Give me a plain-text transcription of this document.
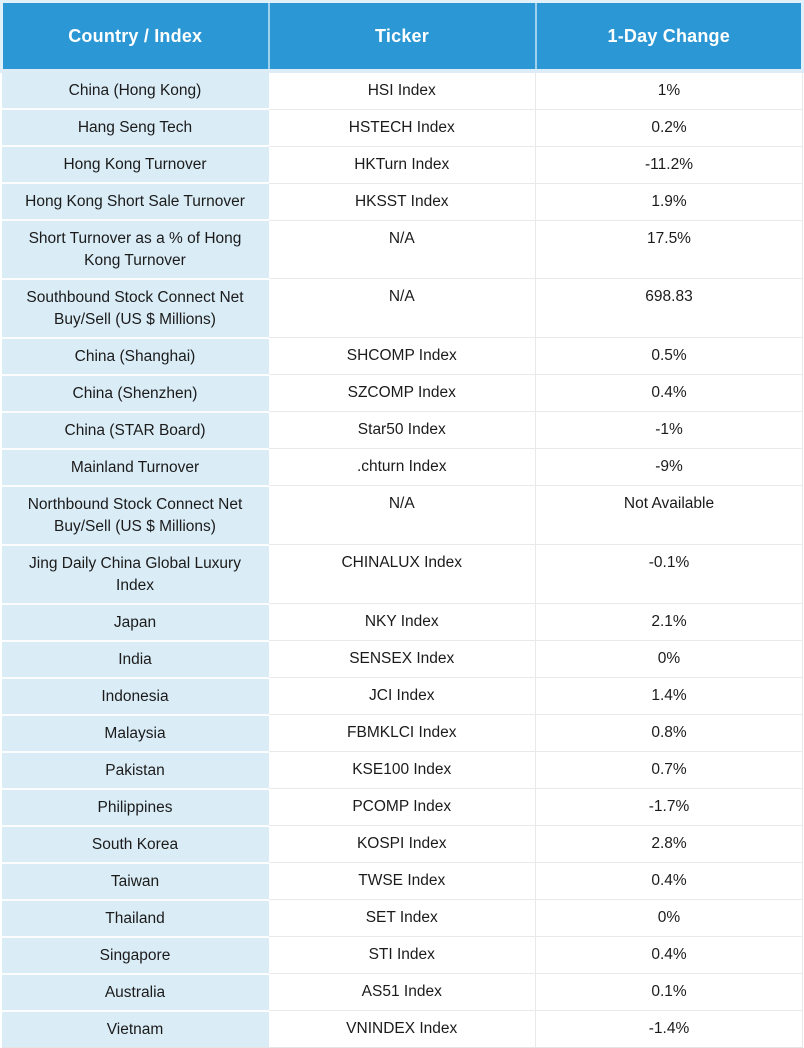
Country / Index	Ticker	1-Day Change
China (Hong Kong)	HSI Index	1%
Hang Seng Tech	HSTECH Index	0.2%
Hong Kong Turnover	HKTurn Index	-11.2%
Hong Kong Short Sale Turnover	HKSST Index	1.9%
Short Turnover as a % of Hong Kong Turnover	N/A	17.5%
Southbound Stock Connect Net Buy/Sell (US $ Millions)	N/A	698.83
China (Shanghai)	SHCOMP Index	0.5%
China (Shenzhen)	SZCOMP Index	0.4%
China (STAR Board)	Star50 Index	-1%
Mainland Turnover	.chturn Index	-9%
Northbound Stock Connect Net Buy/Sell (US $ Millions)	N/A	Not Available
Jing Daily China Global Luxury Index	CHINALUX Index	-0.1%
Japan	NKY Index	2.1%
India	SENSEX Index	0%
Indonesia	JCI Index	1.4%
Malaysia	FBMKLCI Index	0.8%
Pakistan	KSE100 Index	0.7%
Philippines	PCOMP Index	-1.7%
South Korea	KOSPI Index	2.8%
Taiwan	TWSE Index	0.4%
Thailand	SET Index	0%
Singapore	STI Index	0.4%
Australia	AS51 Index	0.1%
Vietnam	VNINDEX Index	-1.4%
